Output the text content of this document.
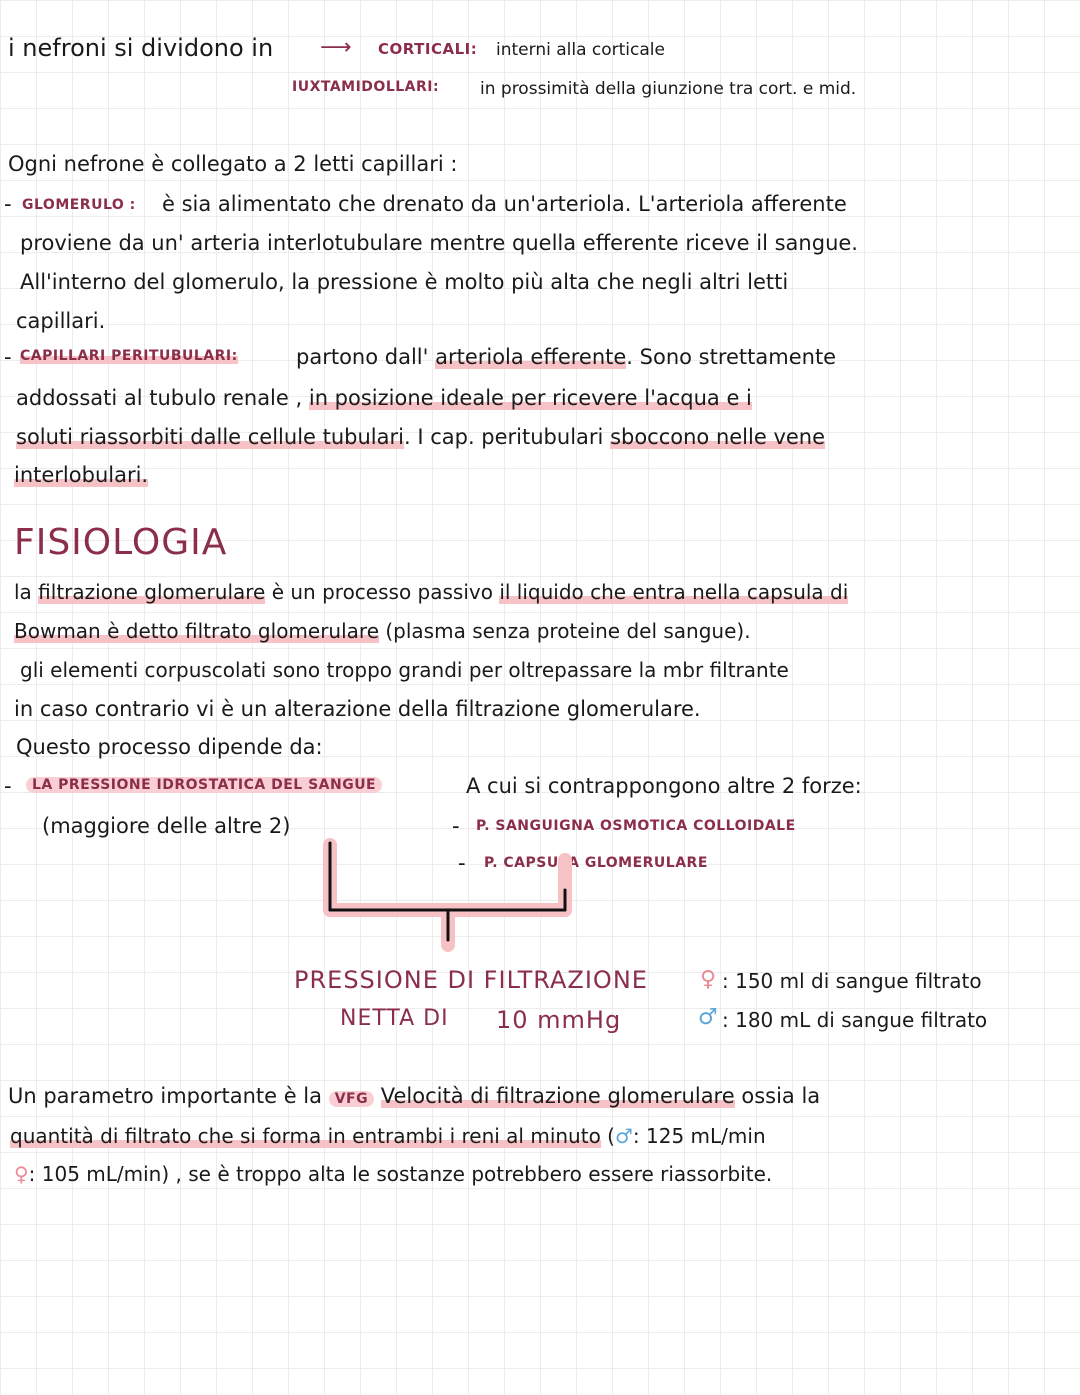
i nefroni si dividono in ⟶ CORTICALI: interni alla corticale
IUXTAMIDOLLARI: in prossimità della giunzione tra cort. e mid.
Ogni nefrone è collegato a 2 letti capillari :
- GLOMERULO : è sia alimentato che drenato da un'arteriola. L'arteriola afferente
proviene da un' arteria interlotubulare mentre quella efferente riceve il sangue.
All'interno del glomerulo, la pressione è molto più alta che negli altri letti
capillari.
- CAPILLARI PERITUBULARI:	partono dall' arteriola efferente. Sono strettamente
addossati al tubulo renale , in posizione ideale per ricevere l'acqua e i
soluti riassorbiti dalle cellule tubulari. I cap. peritubulari sboccono nelle vene
interlobulari.
FISIOLOGIA
la filtrazione glomerulare è un processo passivo il liquido che entra nella capsula di
Bowman è detto filtrato glomerulare (plasma senza proteine del sangue).
gli elementi corpuscolati sono troppo grandi per oltrepassare la mbr filtrante
in caso contrario vi è un alterazione della filtrazione glomerulare.
Questo processo dipende da:
-	LA PRESSIONE IDROSTATICA DEL SANGUE	A cui si contrappongono altre 2 forze:
(maggiore delle altre 2)	- P. SANGUIGNA OSMOTICA COLLOIDALE
- P. CAPSULA GLOMERULARE
PRESSIONE DI FILTRAZIONE
NETTA DI 10 mmHg
♀ : 150 ml di sangue filtrato
♂ : 180 mL di sangue filtrato
Un parametro importante è la VFG Velocità di filtrazione glomerulare ossia la
quantità di filtrato che si forma in entrambi i reni al minuto (♂: 125 mL/min
♀: 105 mL/min) , se è troppo alta le sostanze potrebbero essere riassorbite.
